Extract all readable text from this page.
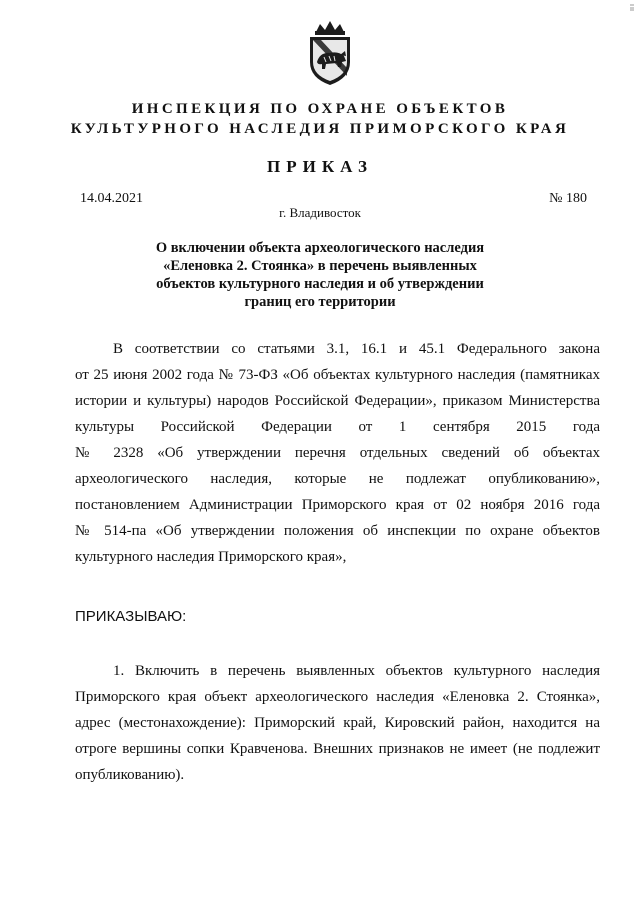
ǁǁǁ
ИНСПЕКЦИЯ ПО ОХРАНЕ ОБЪЕКТОВ
КУЛЬТУРНОГО НАСЛЕДИЯ ПРИМОРСКОГО КРАЯ
ПРИКАЗ
14.04.2021	№ 180
г. Владивосток
О включении объекта археологического наследия
«Еленовка 2. Стоянка» в перечень выявленных
объектов культурного наследия и об утверждении
границ его территории
В соответствии со статьями 3.1, 16.1 и 45.1 Федерального закона
от 25 июня 2002 года № 73-ФЗ «Об объектах культурного наследия (памятниках
истории и культуры) народов Российской Федерации», приказом Министерства
культуры Российской Федерации от 1 сентября 2015 года
№ 2328 «Об утверждении перечня отдельных сведений об объектах
археологического наследия, которые не подлежат опубликованию»,
постановлением Администрации Приморского края от 02 ноября 2016 года
№ 514-па «Об утверждении положения об инспекции по охране объектов
культурного наследия Приморского края»,
ПРИКАЗЫВАЮ:
1. Включить в перечень выявленных объектов культурного наследия
Приморского края объект археологического наследия «Еленовка 2. Стоянка»,
адрес (местонахождение): Приморский край, Кировский район, находится на
отроге вершины сопки Кравченова. Внешних признаков не имеет (не подлежит
опубликованию).
